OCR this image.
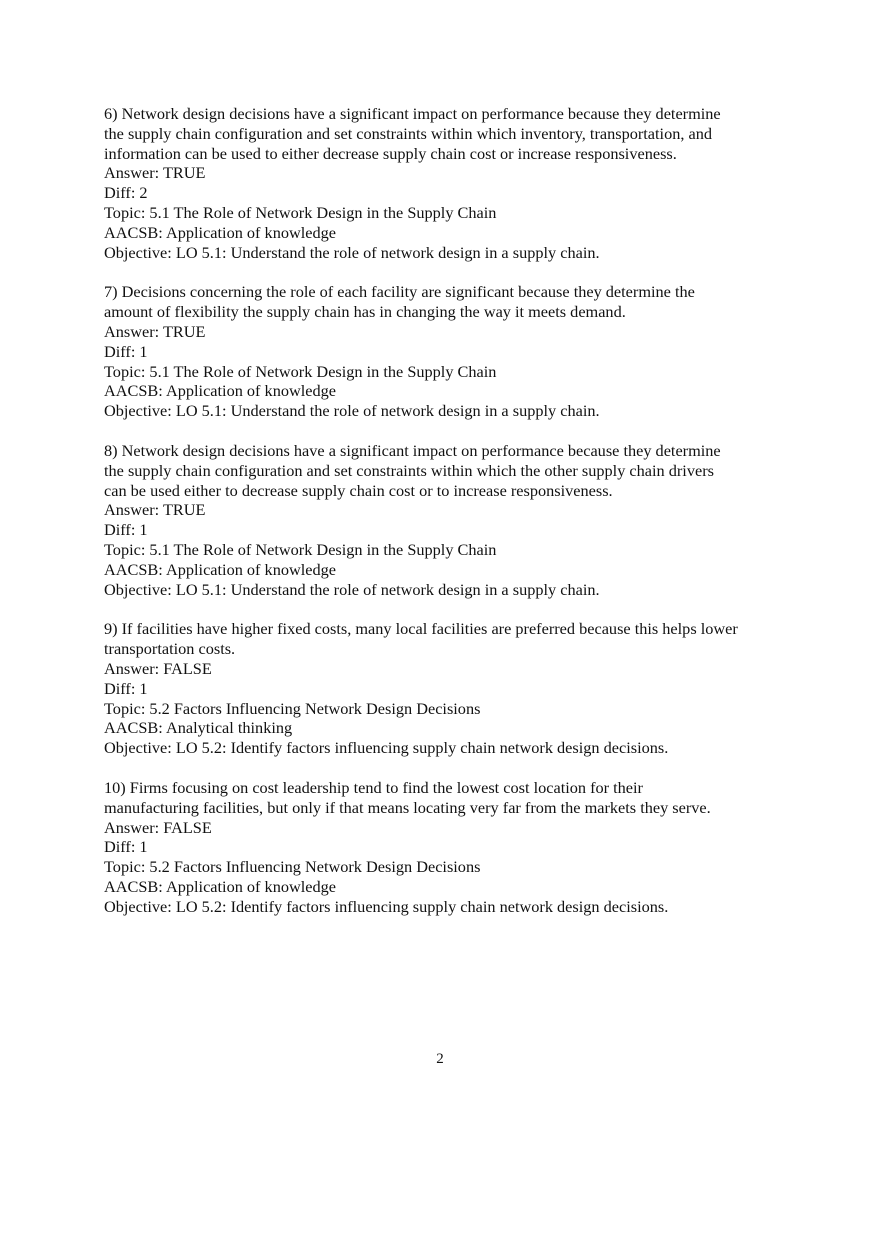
6) Network design decisions have a significant impact on performance because they determine
the supply chain configuration and set constraints within which inventory, transportation, and
information can be used to either decrease supply chain cost or increase responsiveness.
Answer: TRUE
Diff: 2
Topic: 5.1 The Role of Network Design in the Supply Chain
AACSB: Application of knowledge
Objective: LO 5.1: Understand the role of network design in a supply chain.
7) Decisions concerning the role of each facility are significant because they determine the
amount of flexibility the supply chain has in changing the way it meets demand.
Answer: TRUE
Diff: 1
Topic: 5.1 The Role of Network Design in the Supply Chain
AACSB: Application of knowledge
Objective: LO 5.1: Understand the role of network design in a supply chain.
8) Network design decisions have a significant impact on performance because they determine
the supply chain configuration and set constraints within which the other supply chain drivers
can be used either to decrease supply chain cost or to increase responsiveness.
Answer: TRUE
Diff: 1
Topic: 5.1 The Role of Network Design in the Supply Chain
AACSB: Application of knowledge
Objective: LO 5.1: Understand the role of network design in a supply chain.
9) If facilities have higher fixed costs, many local facilities are preferred because this helps lower
transportation costs.
Answer: FALSE
Diff: 1
Topic: 5.2 Factors Influencing Network Design Decisions
AACSB: Analytical thinking
Objective: LO 5.2: Identify factors influencing supply chain network design decisions.
10) Firms focusing on cost leadership tend to find the lowest cost location for their
manufacturing facilities, but only if that means locating very far from the markets they serve.
Answer: FALSE
Diff: 1
Topic: 5.2 Factors Influencing Network Design Decisions
AACSB: Application of knowledge
Objective: LO 5.2: Identify factors influencing supply chain network design decisions.
2
